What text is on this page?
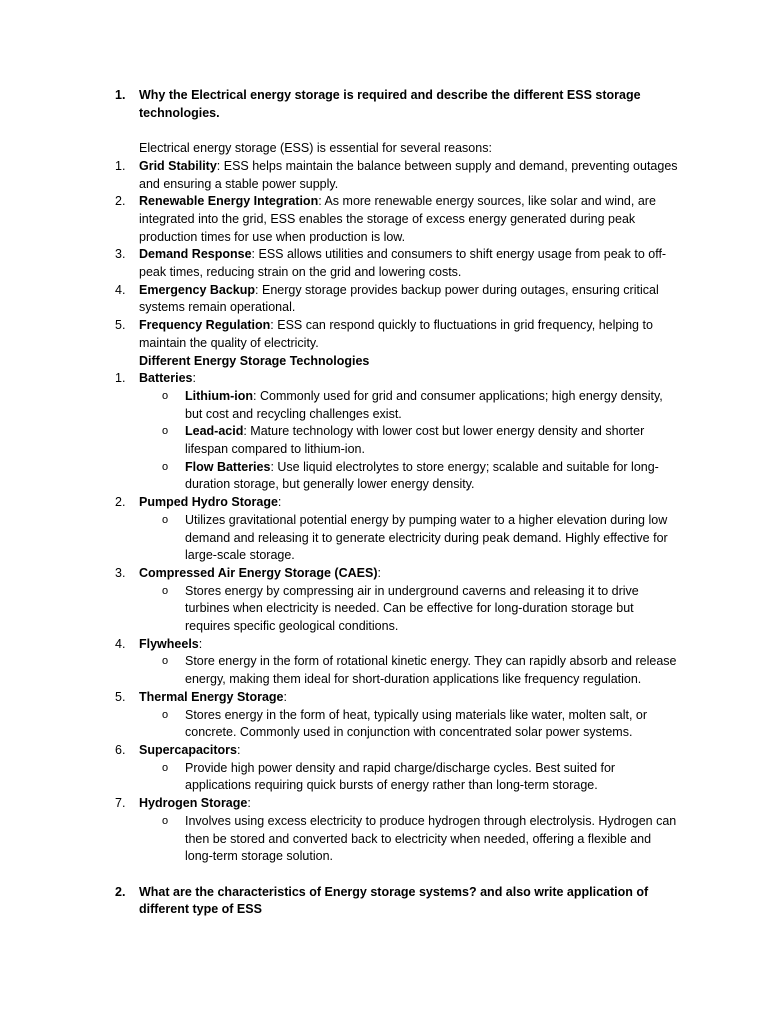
1. Why the Electrical energy storage is required and describe the different ESS storage technologies.
Electrical energy storage (ESS) is essential for several reasons:
1. Grid Stability: ESS helps maintain the balance between supply and demand, preventing outages and ensuring a stable power supply.
2. Renewable Energy Integration: As more renewable energy sources, like solar and wind, are integrated into the grid, ESS enables the storage of excess energy generated during peak production times for use when production is low.
3. Demand Response: ESS allows utilities and consumers to shift energy usage from peak to off-peak times, reducing strain on the grid and lowering costs.
4. Emergency Backup: Energy storage provides backup power during outages, ensuring critical systems remain operational.
5. Frequency Regulation: ESS can respond quickly to fluctuations in grid frequency, helping to maintain the quality of electricity.
Different Energy Storage Technologies
1. Batteries:
o Lithium-ion: Commonly used for grid and consumer applications; high energy density, but cost and recycling challenges exist.
o Lead-acid: Mature technology with lower cost but lower energy density and shorter lifespan compared to lithium-ion.
o Flow Batteries: Use liquid electrolytes to store energy; scalable and suitable for long-duration storage, but generally lower energy density.
2. Pumped Hydro Storage:
o Utilizes gravitational potential energy by pumping water to a higher elevation during low demand and releasing it to generate electricity during peak demand. Highly effective for large-scale storage.
3. Compressed Air Energy Storage (CAES):
o Stores energy by compressing air in underground caverns and releasing it to drive turbines when electricity is needed. Can be effective for long-duration storage but requires specific geological conditions.
4. Flywheels:
o Store energy in the form of rotational kinetic energy. They can rapidly absorb and release energy, making them ideal for short-duration applications like frequency regulation.
5. Thermal Energy Storage:
o Stores energy in the form of heat, typically using materials like water, molten salt, or concrete. Commonly used in conjunction with concentrated solar power systems.
6. Supercapacitors:
o Provide high power density and rapid charge/discharge cycles. Best suited for applications requiring quick bursts of energy rather than long-term storage.
7. Hydrogen Storage:
o Involves using excess electricity to produce hydrogen through electrolysis. Hydrogen can then be stored and converted back to electricity when needed, offering a flexible and long-term storage solution.
2. What are the characteristics of Energy storage systems? and also write application of different type of ESS
